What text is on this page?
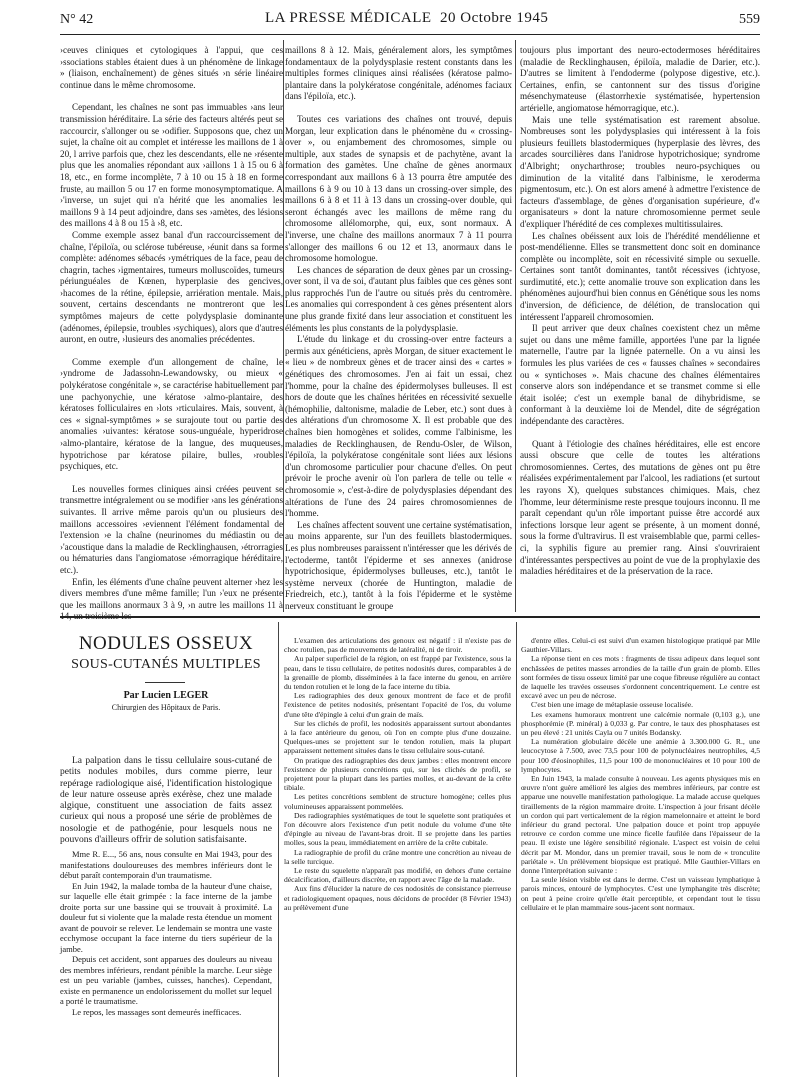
N° 42	LA PRESSE MÉDICALE 20 Octobre 1945	559

›ceuves cliniques et cytologiques à l'appui, que ces ›ssociations stables étaient dues à un phénomène de linkage » (liaison, enchaînement) de gènes situés ›n série linéaire continue dans le même chromosome.

Cependant, les chaînes ne sont pas immuables ›ans leur transmission héréditaire. La série des facteurs altérés peut se raccourcir, s'allonger ou se ›odifier. Supposons que, chez un sujet, la chaîne oit au complet et intéresse les maillons de 1 à 20, l arrive parfois que, chez les descendants, elle ne ›résente plus que les anomalies répondant aux ›aillons 1 à 15 ou 6 à 18, etc., en forme incomplète, 7 à 10 ou 15 à 18 en forme fruste, au maillon 5 ou 17 en forme monosymptomatique. A ›'inverse, un sujet qui n'a hérité que les anomalies les maillons 9 à 14 peut adjoindre, dans ses ›amètes, des lésions des maillons 4 à 8 ou 15 à ›8, etc.

Comme exemple assez banal d'un raccourcissement de chaîne, l'épiloïa, ou sclérose tubéreuse, ›éunit dans sa forme complète: adénomes sébacés ›ymétriques de la face, peau de chagrin, taches ›igmentaires, tumeurs molluscoïdes, tumeurs périunguéales de Kœnen, hyperplasie des gencives, ›hacomes de la rétine, épilepsie, arriération mentale. Mais, souvent, certains descendants ne montreront que les symptômes majeurs de cette polydysplasie dominante (adénomes, épilepsie, troubles ›sychiques), alors que d'autres auront, en outre, ›lusieurs des anomalies précédentes.

Comme exemple d'un allongement de chaîne, le ›yndrome de Jadassohn-Lewandowsky, ou mieux « polykératose congénitale », se caractérise habituellement par une pachyonychie, une kératose ›almo-plantaire, des kératoses folliculaires en ›lots ›rticulaires. Mais, souvent, à ces « signal-symptômes » se surajoute tout ou partie des anomalies ›uivantes: kératose sous-unguéale, hyperidrose ›almo-plantaire, kératose de la langue, des muqueuses, hypotrichose par kératose pilaire, bulles, ›roubles psychiques, etc.

Les nouvelles formes cliniques ainsi créées peuvent se transmettre intégralement ou se modifier ›ans les générations suivantes. Il arrive même parois qu'un ou plusieurs des maillons accessoires ›eviennent l'élément fondamental de l'extension ›e la chaîne (neurinomes du médiastin ou de ›'acoustique dans la maladie de Recklinghausen, ›étrorragies ou hématuries dans l'angiomatose ›émorragique héréditaire, etc.).

Enfin, les éléments d'une chaîne peuvent alterner ›hez les divers membres d'une même famille; l'un ›'eux ne présente que les maillons anormaux 3 à 9, ›n autre les maillons 11 à 14, un troisième les

maillons 8 à 12. Mais, généralement alors, les symptômes fondamentaux de la polydysplasie restent constants dans les multiples formes cliniques ainsi réalisées (kératose palmo-plantaire dans la polykératose congénitale, adénomes faciaux dans l'épiloïa, etc.).

Toutes ces variations des chaînes ont trouvé, depuis Morgan, leur explication dans le phénomène du « crossing-over », ou enjambement des chromosomes, simple ou multiple, aux stades de synapsis et de pachytène, avant la formation des gamètes. Une chaîne de gènes anormaux correspondant aux maillons 6 à 13 pourra être amputée des maillons 6 à 9 ou 10 à 13 dans un crossing-over simple, des maillons 6 à 8 et 11 à 13 dans un crossing-over double, qui seront échangés avec les maillons de même rang du chromosome allélomorphe, qui, eux, sont normaux. A l'inverse, une chaîne des maillons anormaux 7 à 11 pourra s'allonger des maillons 6 ou 12 et 13, anormaux dans le chromosome homologue.

Les chances de séparation de deux gènes par un crossing-over sont, il va de soi, d'autant plus faibles que ces gènes sont plus rapprochés l'un de l'autre ou situés près du centromère. Les anomalies qui correspondent à ces gènes présentent alors une plus grande fixité dans leur association et constituent les éléments les plus constants de la polydysplasie.

L'étude du linkage et du crossing-over entre facteurs a permis aux généticiens, après Morgan, de situer exactement le « lieu » de nombreux gènes et de tracer ainsi des « cartes » génétiques des chromosomes. J'en ai fait un essai, chez l'homme, pour la chaîne des épidermolyses bulleuses. Il est hors de doute que les chaînes héritées en récessivité sexuelle (hémophilie, daltonisme, maladie de Leber, etc.) sont dues à des altérations d'un chromosome X. Il est probable que des chaînes bien homogènes et solides, comme l'albinisme, les maladies de Recklinghausen, de Rendu-Osler, de Wilson, l'épiloïa, la polykératose congénitale sont liées aux lésions d'un chromosome particulier pour chacune d'elles. On peut prévoir le proche avenir où l'on parlera de telle ou telle « chromosomie », c'est-à-dire de polydysplasies dépendant des altérations de l'une des 24 paires chromosomiennes de l'homme.

Les chaînes affectent souvent une certaine systématisation, au moins apparente, sur l'un des feuillets blastodermiques. Les plus nombreuses paraissent n'intéresser que les dérivés de l'ectoderme, tantôt l'épiderme et ses annexes (anidrose hypotrichosique, épidermolyses bulleuses, etc.), tantôt le système nerveux (chorée de Huntington, maladie de Friedreich, etc.), tantôt à la fois l'épiderme et le système nerveux constituant le groupe

toujours plus important des neuro-ectodermoses héréditaires (maladie de Recklinghausen, épiloïa, maladie de Darier, etc.). D'autres se limitent à l'endoderme (polypose digestive, etc.). Certaines, enfin, se cantonnent sur des tissus d'origine mésenchymateuse (élastorrhexie systématisée, hypertension artérielle, angiomatose hémorragique, etc.).

Mais une telle systématisation est rarement absolue. Nombreuses sont les polydysplasies qui intéressent à la fois plusieurs feuillets blastodermiques (hyperplasie des lèvres, des arcades sourcilières dans l'anidrose hypotrichosique; syndrome d'Albright; onycharthrose; troubles neuro-psychiques ou diminution de la vitalité dans l'albinisme, le xeroderma pigmentosum, etc.). On est alors amené à admettre l'existence de facteurs d'assemblage, de gènes d'organisation supérieure, d'« organisateurs » dont la nature chromosomienne permet seule d'expliquer l'hérédité de ces complexes multitissulaires.

Les chaînes obéissent aux lois de l'hérédité mendélienne et post-mendélienne. Elles se transmettent donc soit en dominance complète ou incomplète, soit en récessivité simple ou sexuelle. Certaines sont tantôt dominantes, tantôt récessives (ichtyose, surdimutité, etc.); cette anomalie trouve son explication dans les phénomènes aujourd'hui bien connus en Génétique sous les noms d'inversion, de déficience, de délétion, de translocation qui intéressent l'appareil chromosomien.

Il peut arriver que deux chaînes coexistent chez un même sujet ou dans une même famille, apportées l'une par la lignée maternelle, l'autre par la lignée paternelle. On a vu ainsi les formules les plus variées de ces « fausses chaînes » secondaires ou « syntichoses ». Mais chacune des chaînes élémentaires conserve alors son indépendance et se transmet comme si elle était isolée; c'est un exemple banal de dihybridisme, se conformant à la deuxième loi de Mendel, dite de ségrégation indépendante des caractères.

Quant à l'étiologie des chaînes héréditaires, elle est encore aussi obscure que celle de toutes les altérations chromosomiennes. Certes, des mutations de gènes ont pu être réalisées expérimentalement par l'alcool, les radiations (et surtout les rayons X), quelques substances chimiques. Mais, chez l'homme, leur déterminisme reste presque toujours inconnu. Il me paraît cependant qu'un rôle important puisse être accordé aux infections lorsque leur agent se présente, à un moment donné, sous la forme d'ultravirus. Il est vraisemblable que, parmi celles-ci, la syphilis figure au premier rang. Ainsi s'ouvriraient d'intéressantes perspectives au point de vue de la prophylaxie des maladies héréditaires et de la préservation de la race.

NODULES OSSEUX
SOUS-CUTANÉS MULTIPLES
Par Lucien LEGER
Chirurgien des Hôpitaux de Paris.

La palpation dans le tissu cellulaire sous-cutané de petits nodules mobiles, durs comme pierre, leur repérage radiologique aisé, l'identification histologique de leur nature osseuse après exérèse, chez une malade algique, constituent une association de faits assez curieux qui nous a proposé une série de problèmes de nosologie et de pathogénie, pour lesquels nous ne pouvons d'ailleurs offrir de solution satisfaisante.

Mme R. E..., 56 ans, nous consulte en Mai 1943, pour des manifestations douloureuses des membres inférieurs dont le début paraît contemporain d'un traumatisme.

En Juin 1942, la malade tomba de la hauteur d'une chaise, sur laquelle elle était grimpée : la face interne de la jambe droite porta sur une bassine qui se trouvait à proximité. La douleur fut si violente que la malade resta étendue un moment avant de pouvoir se relever. Le lendemain se montra une vaste ecchymose occupant la face interne du tiers supérieur de la jambe.

Depuis cet accident, sont apparues des douleurs au niveau des membres inférieurs, rendant pénible la marche. Leur siège est un peu variable (jambes, cuisses, hanches). Cependant, existe en permanence un endolorissement du mollet sur lequel a porté le traumatisme.

Le repos, les massages sont demeurés inefficaces.

L'examen des articulations des genoux est négatif : il n'existe pas de choc rotulien, pas de mouvements de latéralité, ni de tiroir.

Au palper superficiel de la région, on est frappé par l'existence, sous la peau, dans le tissu cellulaire, de petites nodosités dures, comparables à de la grenaille de plomb, disséminées à la face interne du genou, en arrière du tendon rotulien et le long de la face interne du tibia.

Les radiographies des deux genoux montrent de face et de profil l'existence de petites nodosités, présentant l'opacité de l'os, du volume d'une tête d'épingle à celui d'un grain de maïs.

Sur les clichés de profil, les nodosités apparaissent surtout abondantes à la face antérieure du genou, où l'on en compte plus d'une douzaine. Quelques-unes se projettent sur le tendon rotulien, mais la plupart apparaissent nettement situées dans le tissu cellulaire sous-cutané.

On pratique des radiographies des deux jambes : elles montrent encore l'existence de plusieurs concrétions qui, sur les clichés de profil, se projettent pour la plupart dans les parties molles, et au-devant de la crête tibiale.

Les petites concrétions semblent de structure homogène; celles plus volumineuses apparaissent pommelées.

Des radiographies systématiques de tout le squelette sont pratiquées et l'on découvre alors l'existence d'un petit nodule du volume d'une tête d'épingle au niveau de l'avant-bras droit. Il se projette dans les parties molles, sous la peau, immédiatement en arrière de la crête cubitale.

La radiographie de profil du crâne montre une concrétion au niveau de la selle turcique.

Le reste du squelette n'apparaît pas modifié, en dehors d'une certaine décalcification, d'ailleurs discrète, en rapport avec l'âge de la malade.

Aux fins d'élucider la nature de ces nodosités de consistance pierreuse et radiologiquement opaques, nous décidons de procéder (8 Février 1943) au prélèvement d'une

d'entre elles. Celui-ci est suivi d'un examen histologique pratiqué par Mlle Gauthier-Villars.

La réponse tient en ces mots : fragments de tissu adipeux dans lequel sont enchâssées de petites masses arrondies de la taille d'un grain de plomb. Elles sont formées de tissu osseux limité par une coque fibreuse régulière au contact de laquelle les travées osseuses s'ordonnent concentriquement. Le centre est excavé avec un peu de nécrose.

C'est bien une image de métaplasie osseuse localisée.

Les examens humoraux montrent une calcémie normale (0,103 g.), une phosphorémie (P. minéral) à 0,033 g. Par contre, le taux des phosphatases est un peu élevé : 21 unités Cayla ou 7 unités Bodansky.

La numération globulaire décèle une anémie à 3.300.000 G. R., une leucocytose à 7.500, avec 73,5 pour 100 de polynucléaires neutrophiles, 4,5 pour 100 d'éosinophiles, 11,5 pour 100 de mononucléaires et 10 pour 100 de lymphocytes.

En Juin 1943, la malade consulte à nouveau. Les agents physiques mis en œuvre n'ont guère amélioré les algies des membres inférieurs, par contre est apparue une nouvelle manifestation pathologique. La malade accuse quelques tiraillements de la région mammaire droite. L'inspection à jour frisant décèle un cordon qui part verticalement de la région mamelonnaire et atteint le bord inférieur du grand pectoral. Une palpation douce et point trop appuyée retrouve ce cordon comme une mince ficelle faufilée dans l'épaisseur de la peau. Il existe une légère sensibilité régionale. L'aspect est voisin de celui décrit par M. Mondor, dans un premier travail, sous le nom de « tronculite pariétale ». Un prélèvement biopsique est pratiqué. Mlle Gauthier-Villars en donne l'interprétation suivante :

La seule lésion visible est dans le derme. C'est un vaisseau lymphatique à parois minces, entouré de lymphocytes. C'est une lymphangite très discrète; on peut à peine croire qu'elle était perceptible, et cependant tout le tissu cellulaire et le plan mammaire sous-jacent sont normaux.
